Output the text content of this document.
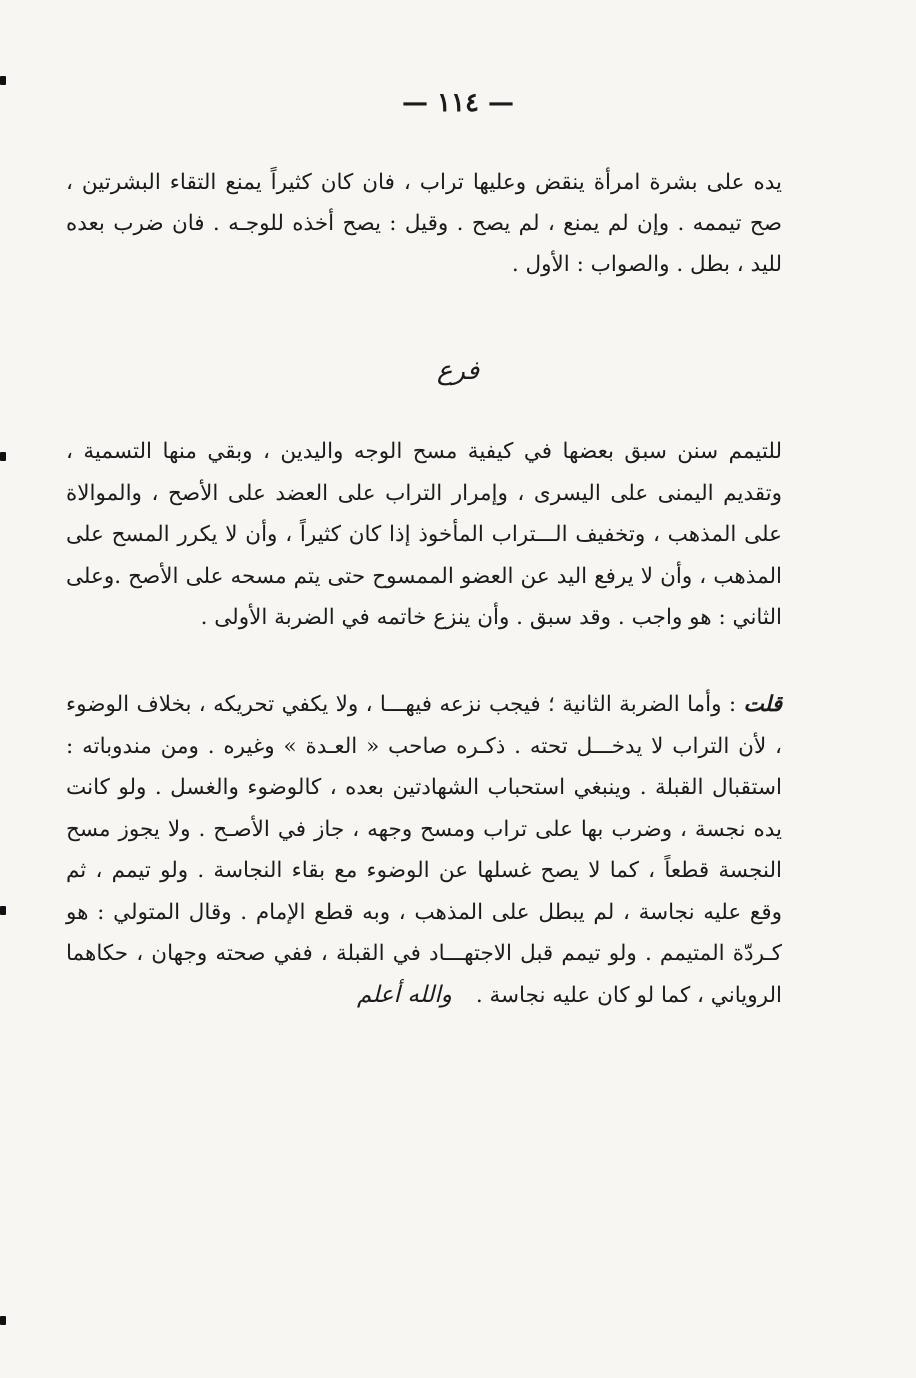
— ١١٤ —

يده على بشرة امرأة ينقض وعليها تراب ، فان كان كثيراً يمنع التقاء البشرتين ، صح تيممه . وإن لم يمنع ، لم يصح . وقيل : يصح أخذه للوجـه . فان ضرب بعده لليد ، بطل . والصواب : الأول .

فرع

للتيمم سنن سبق بعضها في كيفية مسح الوجه واليدين ، وبقي منها التسمية ، وتقديم اليمنى على اليسرى ، وإمرار التراب على العضد على الأصح ، والموالاة على المذهب ، وتخفيف الـــتراب المأخوذ إذا كان كثيراً ، وأن لا يكرر المسح على المذهب ، وأن لا يرفع اليد عن العضو الممسوح حتى يتم مسحه على الأصح .وعلى الثاني : هو واجب . وقد سبق . وأن ينزع خاتمه في الضربة الأولى .

قلت : وأما الضربة الثانية ؛ فيجب نزعه فيهـــا ، ولا يكفي تحريكه ، بخلاف الوضوء ، لأن التراب لا يدخـــل تحته . ذكـره صاحب « العـدة » وغيره . ومن مندوباته : استقبال القبلة . وينبغي استحباب الشهادتين بعده ، كالوضوء والغسل . ولو كانت يده نجسة ، وضرب بها على تراب ومسح وجهه ، جاز في الأصـح . ولا يجوز مسح النجسة قطعاً ، كما لا يصح غسلها عن الوضوء مع بقاء النجاسة . ولو تيمم ، ثم وقع عليه نجاسة ، لم يبطل على المذهب ، وبه قطع الإمام . وقال المتولي : هو كـردّة المتيمم . ولو تيمم قبل الاجتهـــاد في القبلة ، ففي صحته وجهان ، حكاهما الروياني ، كما لو كان عليه نجاسة .والله أعلم
